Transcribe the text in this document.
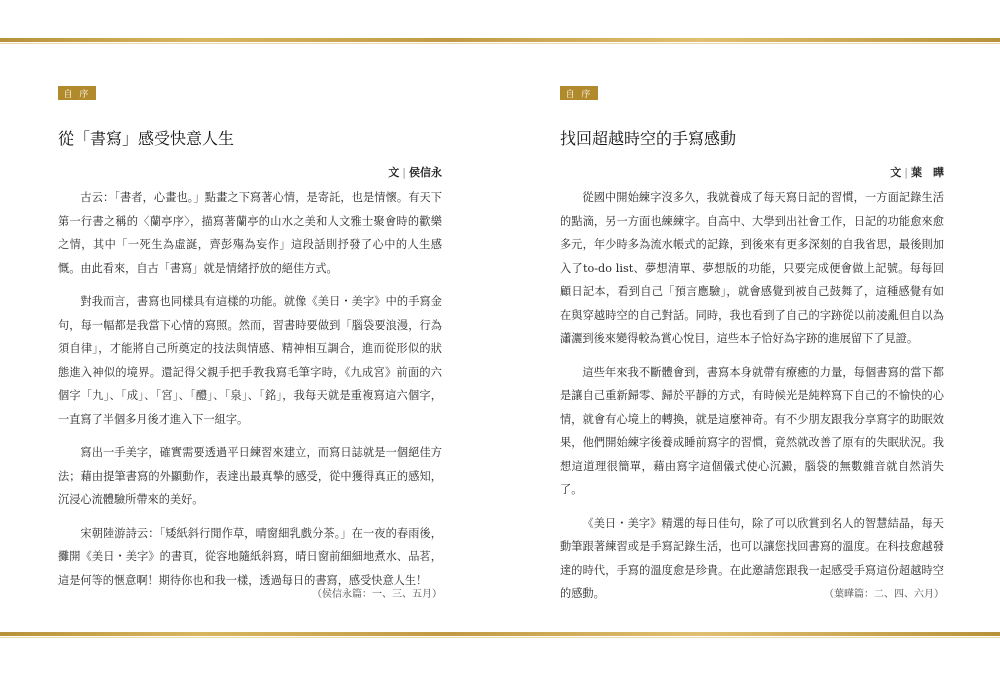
自 序
從「書寫」感受快意人生
文 | 侯信永

古云：「書者，心畫也。」點畫之下寫著心情，是寄託，也是情懷。有天下第一行書之稱的〈蘭亭序〉，描寫著蘭亭的山水之美和人文雅士聚會時的歡樂之情，其中「一死生為虛誕，齊彭殤為妄作」這段話則抒發了心中的人生感慨。由此看來，自古「書寫」就是情緒抒放的絕佳方式。

對我而言，書寫也同樣具有這樣的功能。就像《美日・美字》中的手寫金句，每一幅都是我當下心情的寫照。然而，習書時要做到「腦袋要浪漫，行為須自律」，才能將自己所奠定的技法與情感、精神相互調合，進而從形似的狀態進入神似的境界。還記得父親手把手教我寫毛筆字時，《九成宮》前面的六個字「九」、「成」、「宮」、「醴」、「泉」、「銘」，我每天就是重複寫這六個字，一直寫了半個多月後才進入下一組字。

寫出一手美字，確實需要透過平日練習來建立，而寫日誌就是一個絕佳方法；藉由提筆書寫的外顯動作，表達出最真摯的感受，從中獲得真正的感知，沉浸心流體驗所帶來的美好。

宋朝陸游詩云：「矮紙斜行閒作草，晴窗細乳戲分茶。」在一夜的春雨後，攤開《美日・美字》的書頁，從容地隨紙斜寫，晴日窗前細細地煮水、品茗，這是何等的愜意啊！期待你也和我一樣，透過每日的書寫，感受快意人生！

（侯信永篇：一、三、五月）
自 序
找回超越時空的手寫感動
文 | 葉　曄

從國中開始練字沒多久，我就養成了每天寫日記的習慣，一方面記錄生活的點滴，另一方面也練練字。自高中、大學到出社會工作，日記的功能愈來愈多元，年少時多為流水帳式的記錄，到後來有更多深刻的自我省思，最後則加入了to-do list、夢想清單、夢想版的功能，只要完成便會做上記號。每每回顧日記本，看到自己「預言應驗」，就會感覺到被自己鼓舞了，這種感覺有如在與穿越時空的自己對話。同時，我也看到了自己的字跡從以前凌亂但自以為瀟灑到後來變得較為賞心悅目，這些本子恰好為字跡的進展留下了見證。

這些年來我不斷體會到，書寫本身就帶有療癒的力量，每個書寫的當下都是讓自己重新歸零、歸於平靜的方式，有時候光是純粹寫下自己的不愉快的心情，就會有心境上的轉換，就是這麼神奇。有不少朋友跟我分享寫字的助眠效果，他們開始練字後養成睡前寫字的習慣，竟然就改善了原有的失眠狀況。我想這道理很簡單，藉由寫字這個儀式使心沉澱，腦袋的無數雜音就自然消失了。

《美日・美字》精選的每日佳句，除了可以欣賞到名人的智慧結晶，每天動筆跟著練習或是手寫記錄生活，也可以讓您找回書寫的溫度。在科技愈越發達的時代，手寫的溫度愈是珍貴。在此邀請您跟我一起感受手寫這份超越時空的感動。	（葉曄篇：二、四、六月）
